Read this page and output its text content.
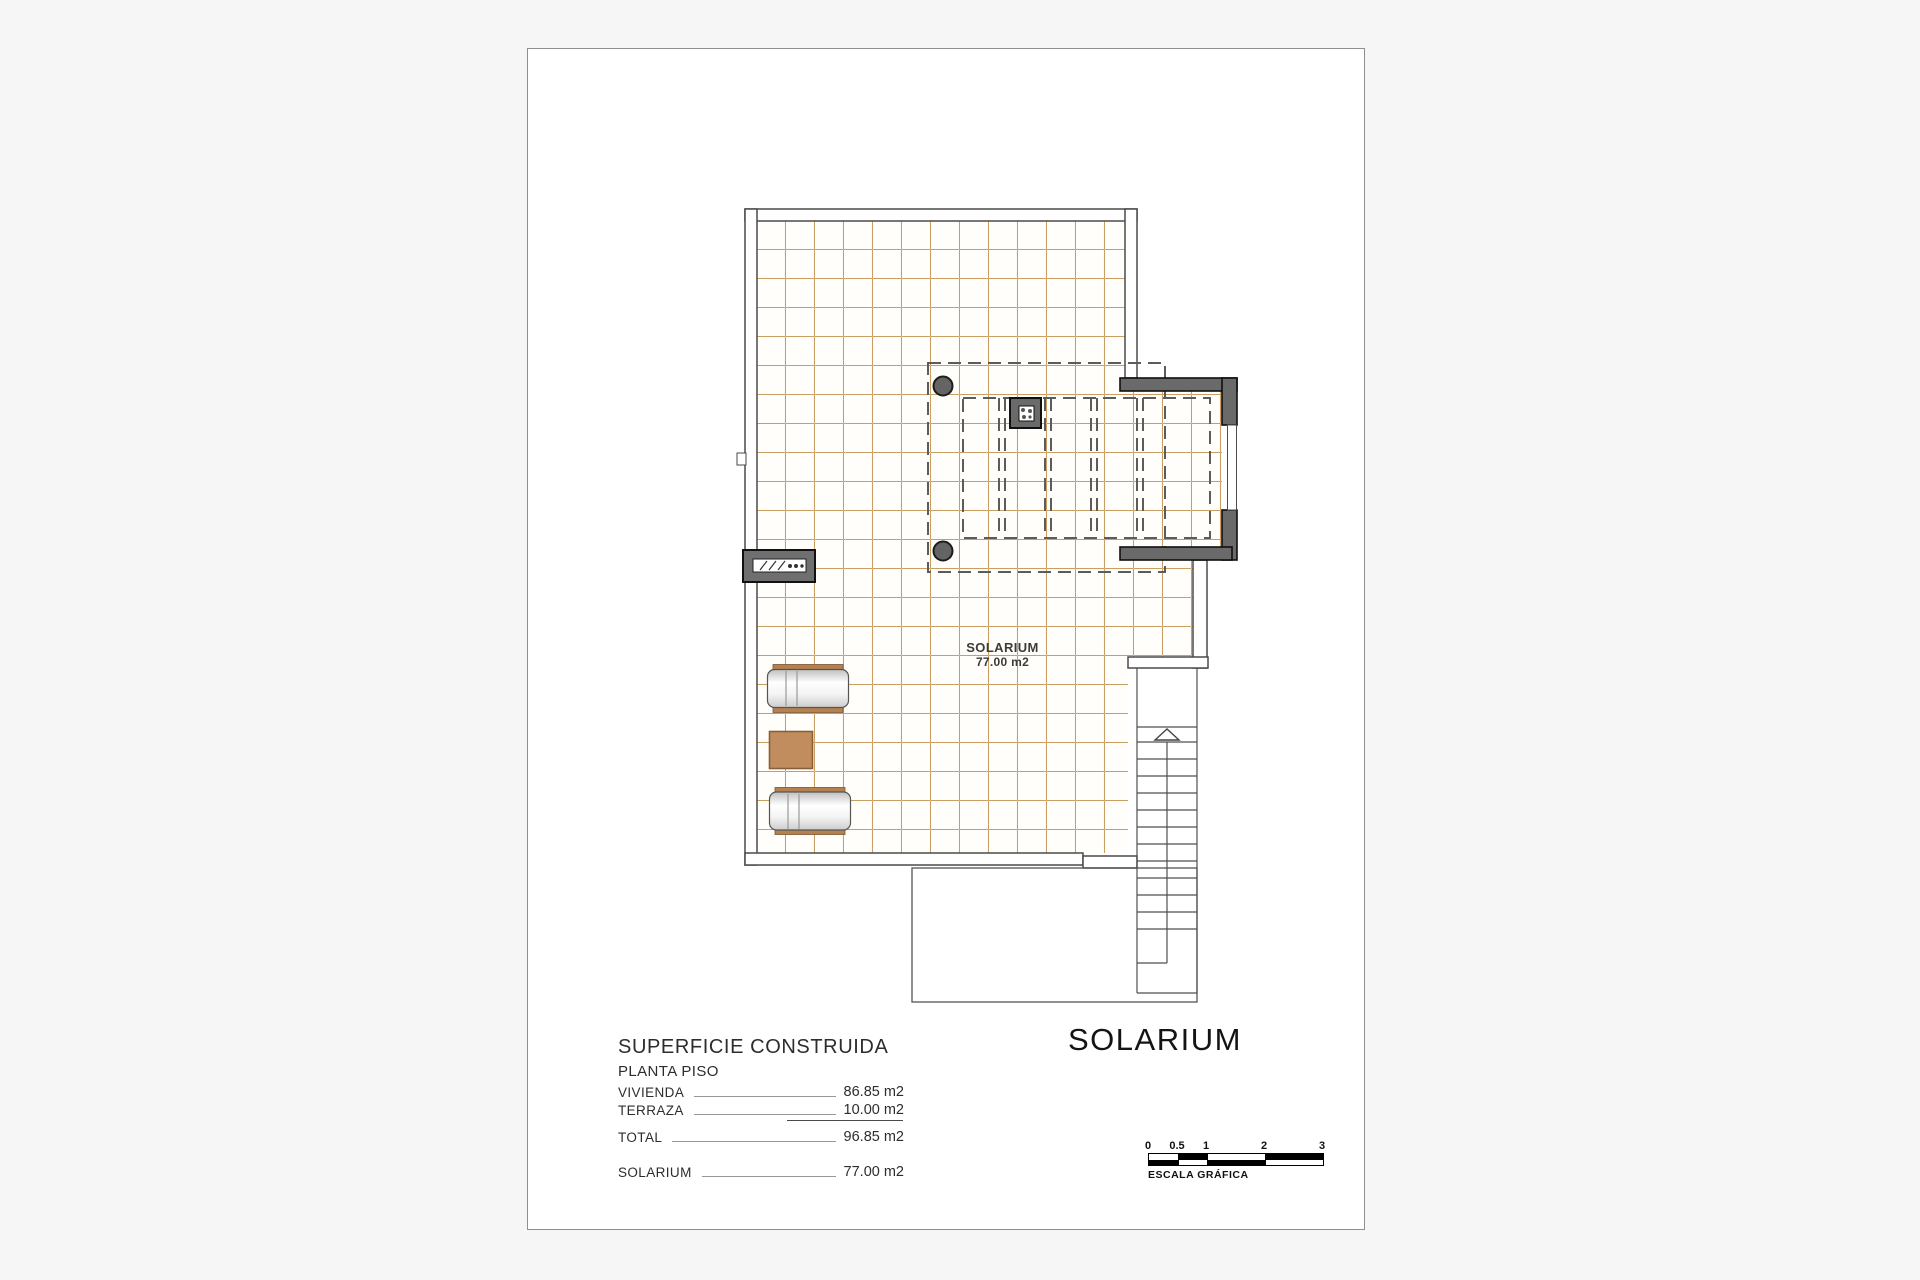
SOLARIUM
77.00 m2
SOLARIUM
SUPERFICIE CONSTRUIDA
PLANTA PISO
VIVIENDA	86.85 m2
TERRAZA	10.00 m2
TOTAL	96.85 m2
SOLARIUM	77.00 m2
0 0.5 1	2	3
ESCALA GRÁFICA
